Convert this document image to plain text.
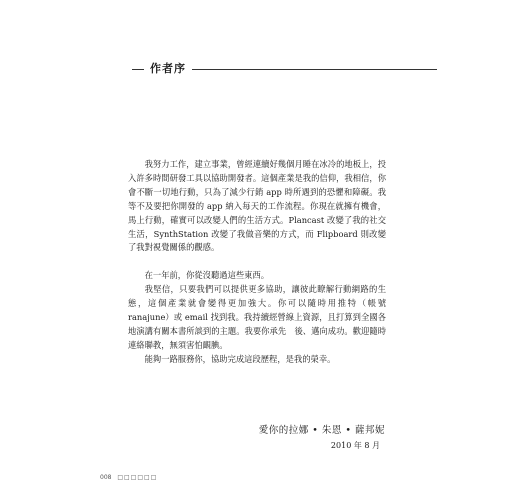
作者序

我努力工作，建立事業，曾經連續好幾個月睡在冰冷的地板上，投入許多時間研發工具以協助開發者。這個產業是我的信仰，我相信，你會不斷一切地行動，只為了減少行銷 app 時所遇到的恐懼和障礙。我等不及要把你開發的 app 納入每天的工作流程。你現在就擁有機會，馬上行動，確實可以改變人們的生活方式。Plancast 改變了我的社交生活，SynthStation 改變了我做音樂的方式，而 Flipboard 則改變了我對視覺關係的觀感。

在一年前，你從沒聽過這些東西。

我堅信，只要我們可以提供更多協助，讓彼此瞭解行動網路的生態，這個產業就會變得更加強大。你可以隨時用推特（帳號 ranajune）或 email 找到我。我持續經營線上資源，且打算到全國各地演講有關本書所談到的主題。我要你承先　後、邁向成功。歡迎隨時連絡聯教，無須害怕靦腆。

能夠一路服務你，協助完成這段歷程，是我的榮幸。

愛你的拉娜 • 朱恩 • 薩邦妮
2010 年 8 月
008 □□□□□□
